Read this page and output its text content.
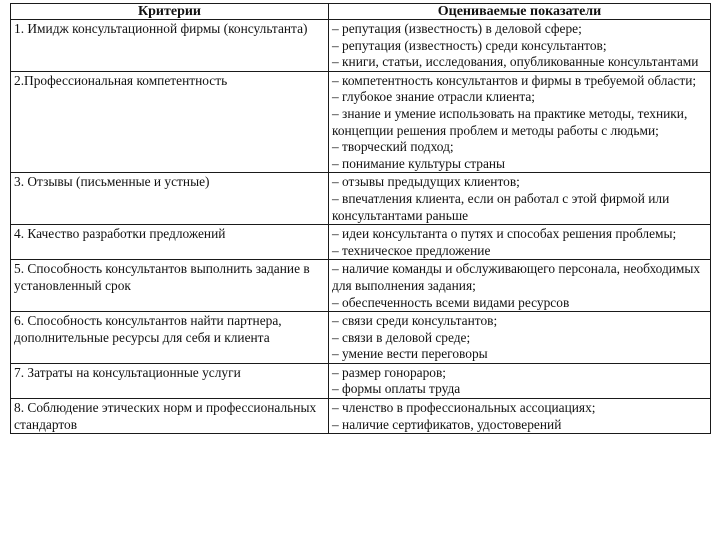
Критерии	Оцениваемые показатели
1. Имидж консультационной фирмы (консультанта)	– репутация (известность) в деловой сфере;
– репутация (известность) среди консультантов;
– книги, статьи, исследования, опубликованные консультантами

2.Профессиональная компетентность	– компетентность консультантов и фирмы в требуемой области;
– глубокое знание отрасли клиента;
– знание и умение использовать на практике методы, техники, концепции решения проблем и методы работы с людьми;
– творческий подход;
– понимание культуры страны

3. Отзывы (письменные и устные)	– отзывы предыдущих клиентов;
– впечатления клиента, если он работал с этой фирмой или консультантами раньше

4. Качество разработки предложений	– идеи консультанта о путях и способах решения проблемы;
– техническое предложение

5. Способность консультантов выполнить задание в установленный срок	– наличие команды и обслуживающего персонала, необходимых для выполнения задания;
– обеспеченность всеми видами ресурсов

6. Способность консультантов найти партнера, дополнительные ресурсы для себя и клиента	– связи среди консультантов;
– связи в деловой среде;
– умение вести переговоры

7. Затраты на консультационные услуги	– размер гонораров;
– формы оплаты труда

8. Соблюдение этических норм и профессиональных стандартов	– членство в профессиональных ассоциациях;
– наличие сертификатов, удостоверений
